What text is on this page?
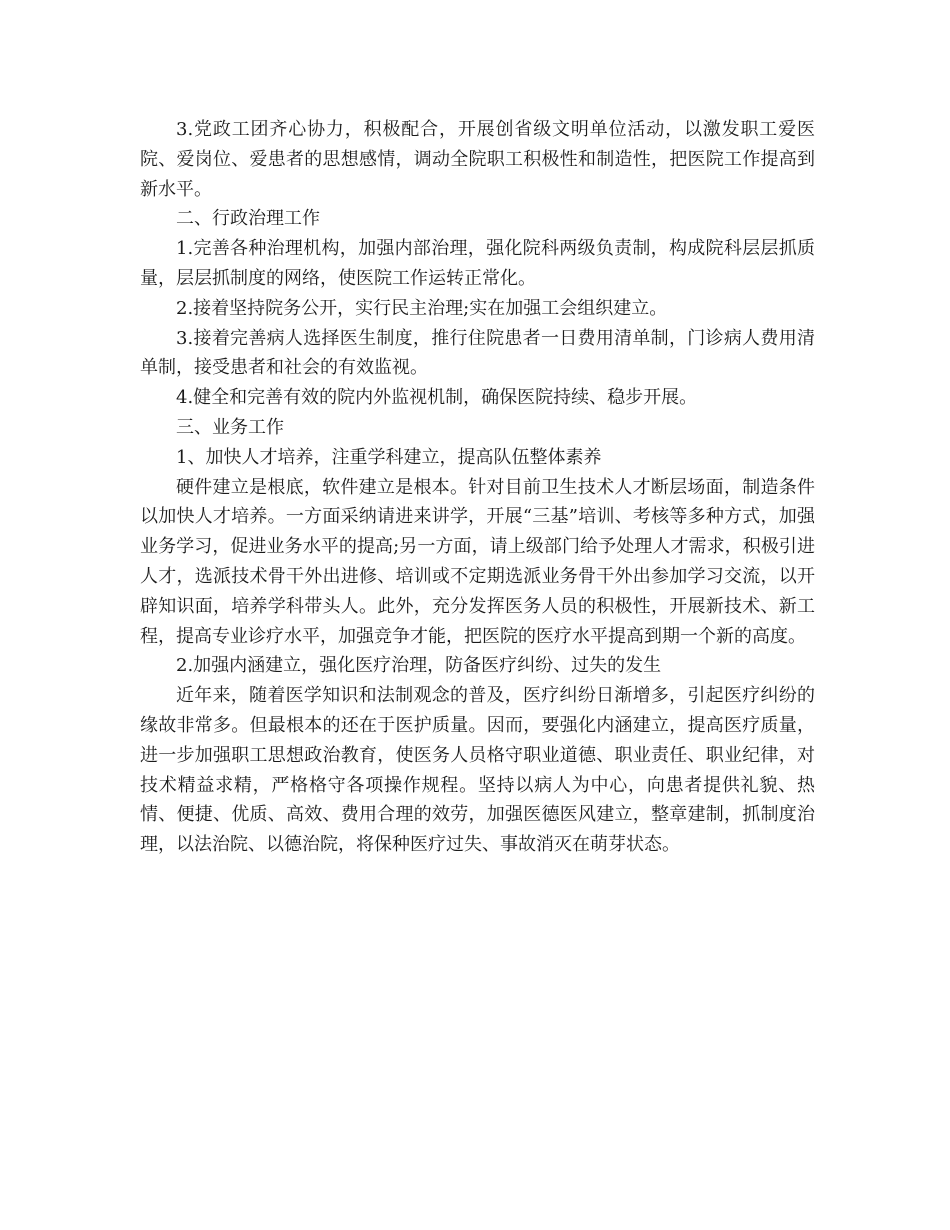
3.党政工团齐心协力，积极配合，开展创省级文明单位活动，以激发职工爱医院、爱岗位、爱患者的思想感情，调动全院职工积极性和制造性，把医院工作提高到新水平。

二、行政治理工作

1.完善各种治理机构，加强内部治理，强化院科两级负责制，构成院科层层抓质量，层层抓制度的网络，使医院工作运转正常化。

2.接着坚持院务公开，实行民主治理;实在加强工会组织建立。

3.接着完善病人选择医生制度，推行住院患者一日费用清单制，门诊病人费用清单制，接受患者和社会的有效监视。

4.健全和完善有效的院内外监视机制，确保医院持续、稳步开展。

三、业务工作

1、加快人才培养，注重学科建立，提高队伍整体素养

硬件建立是根底，软件建立是根本。针对目前卫生技术人才断层场面，制造条件以加快人才培养。一方面采纳请进来讲学，开展“三基”培训、考核等多种方式，加强业务学习，促进业务水平的提高;另一方面，请上级部门给予处理人才需求，积极引进人才，选派技术骨干外出进修、培训或不定期选派业务骨干外出参加学习交流，以开辟知识面，培养学科带头人。此外，充分发挥医务人员的积极性，开展新技术、新工程，提高专业诊疗水平，加强竞争才能，把医院的医疗水平提高到期一个新的高度。

2.加强内涵建立，强化医疗治理，防备医疗纠纷、过失的发生

近年来，随着医学知识和法制观念的普及，医疗纠纷日渐增多，引起医疗纠纷的缘故非常多。但最根本的还在于医护质量。因而，要强化内涵建立，提高医疗质量，进一步加强职工思想政治教育，使医务人员格守职业道德、职业责任、职业纪律，对技术精益求精，严格格守各项操作规程。坚持以病人为中心，向患者提供礼貌、热情、便捷、优质、高效、费用合理的效劳，加强医德医风建立，整章建制，抓制度治理，以法治院、以德治院，将保种医疗过失、事故消灭在萌芽状态。
